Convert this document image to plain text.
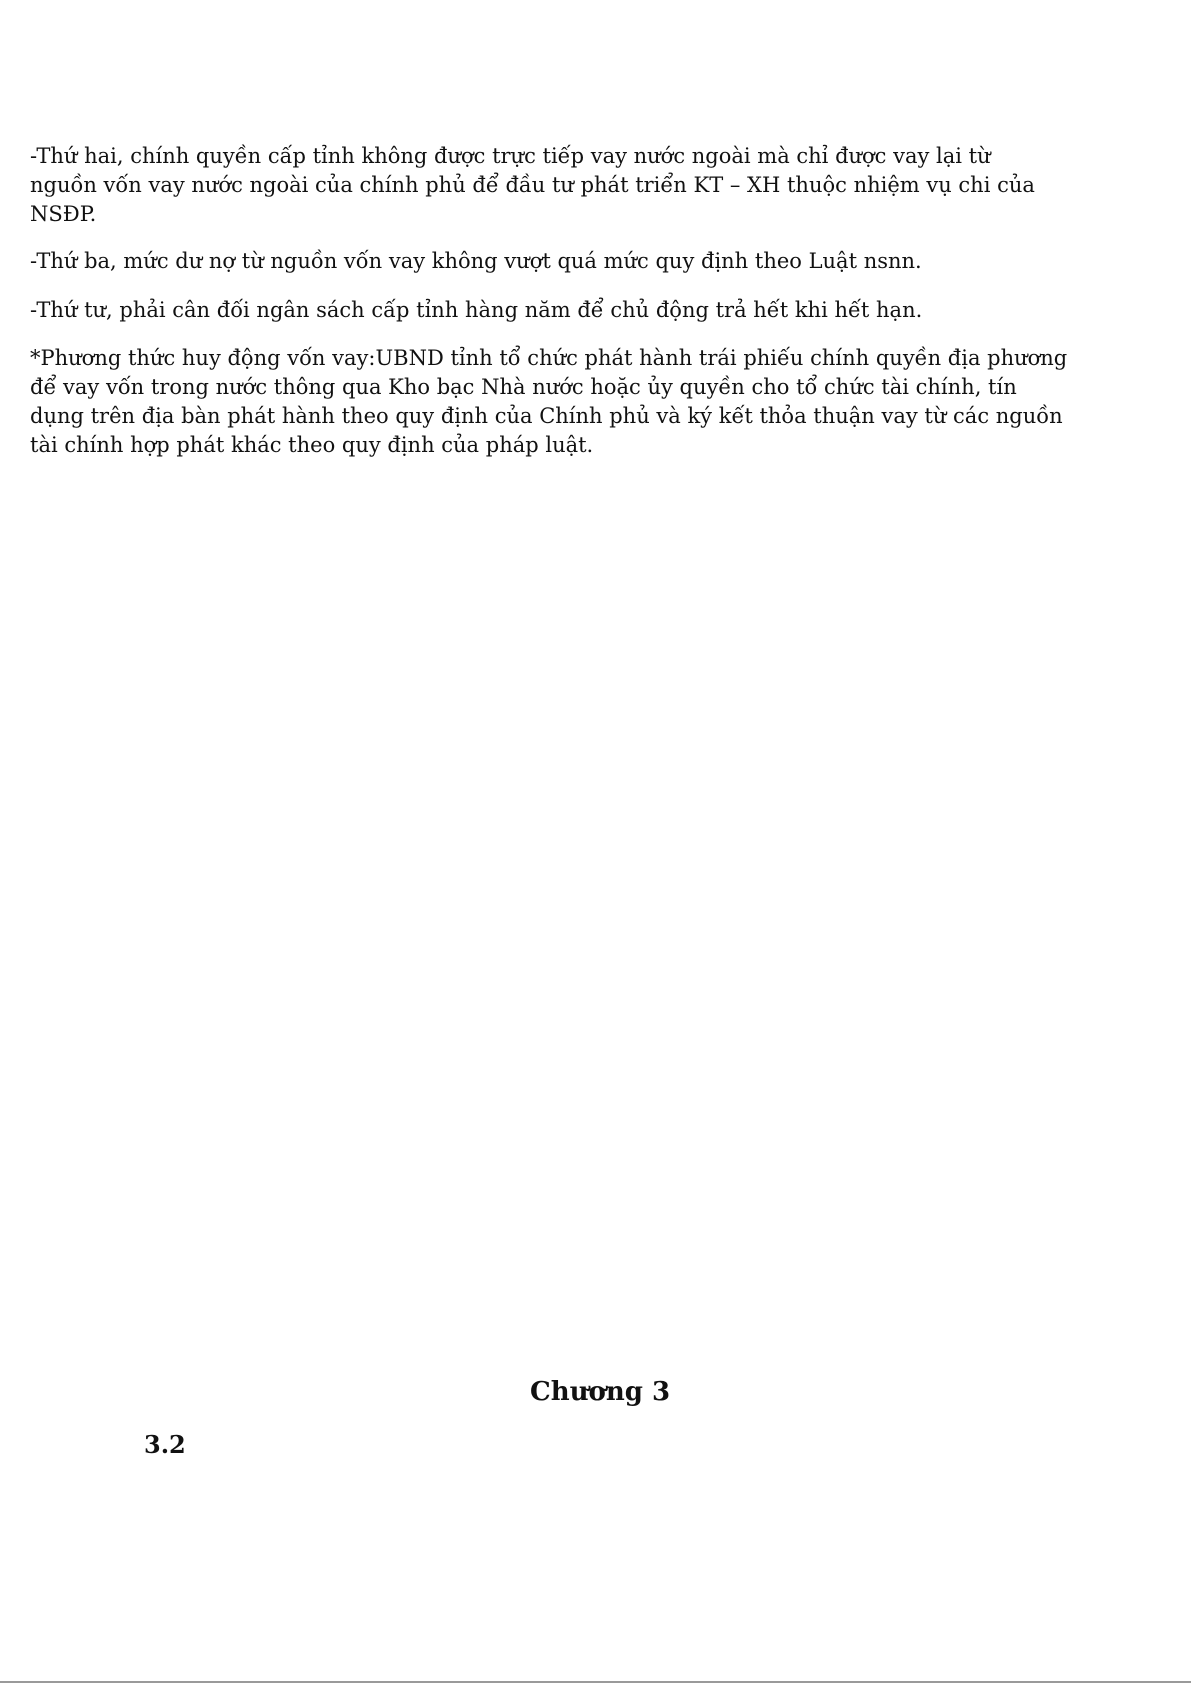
-Thứ hai, chính quyền cấp tỉnh không được trực tiếp vay nước ngoài mà chỉ được vay lại từ
nguồn vốn vay nước ngoài của chính phủ để đầu tư phát triển KT – XH thuộc nhiệm vụ chi của
NSĐP.

-Thứ ba, mức dư nợ từ nguồn vốn vay không vượt quá mức quy định theo Luật nsnn.

-Thứ tư, phải cân đối ngân sách cấp tỉnh hàng năm để chủ động trả hết khi hết hạn.

*Phương thức huy động vốn vay:UBND tỉnh tổ chức phát hành trái phiếu chính quyền địa phương
để vay vốn trong nước thông qua Kho bạc Nhà nước hoặc ủy quyền cho tổ chức tài chính, tín
dụng trên địa bàn phát hành theo quy định của Chính phủ và ký kết thỏa thuận vay từ các nguồn
tài chính hợp phát khác theo quy định của pháp luật.

Chương 3
3.2
